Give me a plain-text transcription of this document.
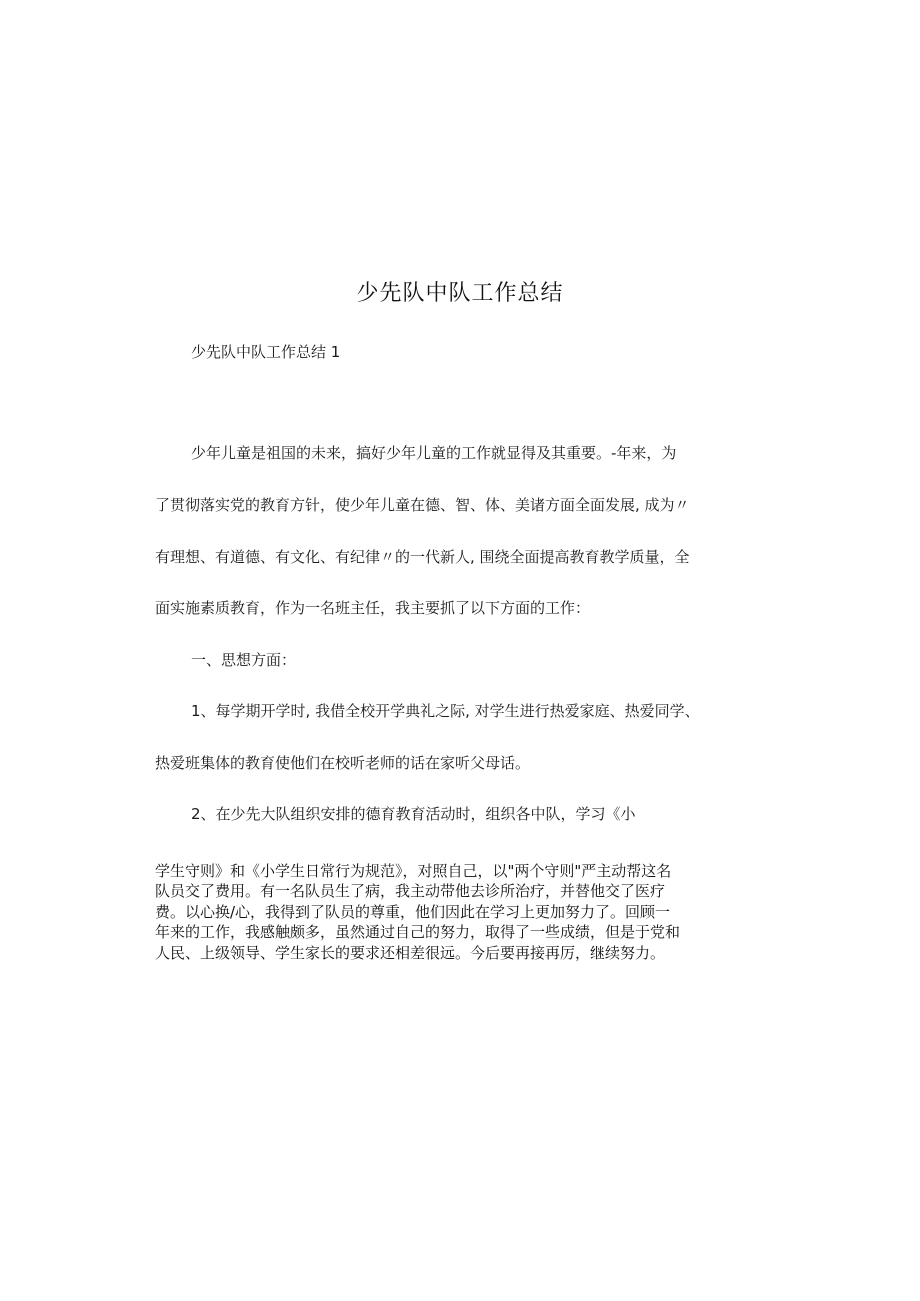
少先队中队工作总结
少先队中队工作总结 1
少年儿童是祖国的未来，搞好少年儿童的工作就显得及其重要。-年来，为
了贯彻落实党的教育方针，使少年儿童在德、智、体、美诸方面全面发展, 成为〃
有理想、有道德、有文化、有纪律〃的一代新人, 围绕全面提高教育教学质量，全
面实施素质教育，作为一名班主任，我主要抓了以下方面的工作：
一、思想方面：
1、每学期开学时, 我借全校开学典礼之际, 对学生进行热爱家庭、热爱同学、
热爱班集体的教育使他们在校听老师的话在家听父母话。
2、在少先大队组织安排的德育教育活动时，组织各中队，学习《小
学生守则》和《小学生日常行为规范》，对照自己，以"两个守则"严主动帮这名
队员交了费用。有一名队员生了病，我主动带他去诊所治疗，并替他交了医疗
费。以心换/心，我得到了队员的尊重，他们因此在学习上更加努力了。回顾一
年来的工作，我感触颇多，虽然通过自己的努力，取得了一些成绩，但是于党和
人民、上级领导、学生家长的要求还相差很远。今后要再接再厉，继续努力。
